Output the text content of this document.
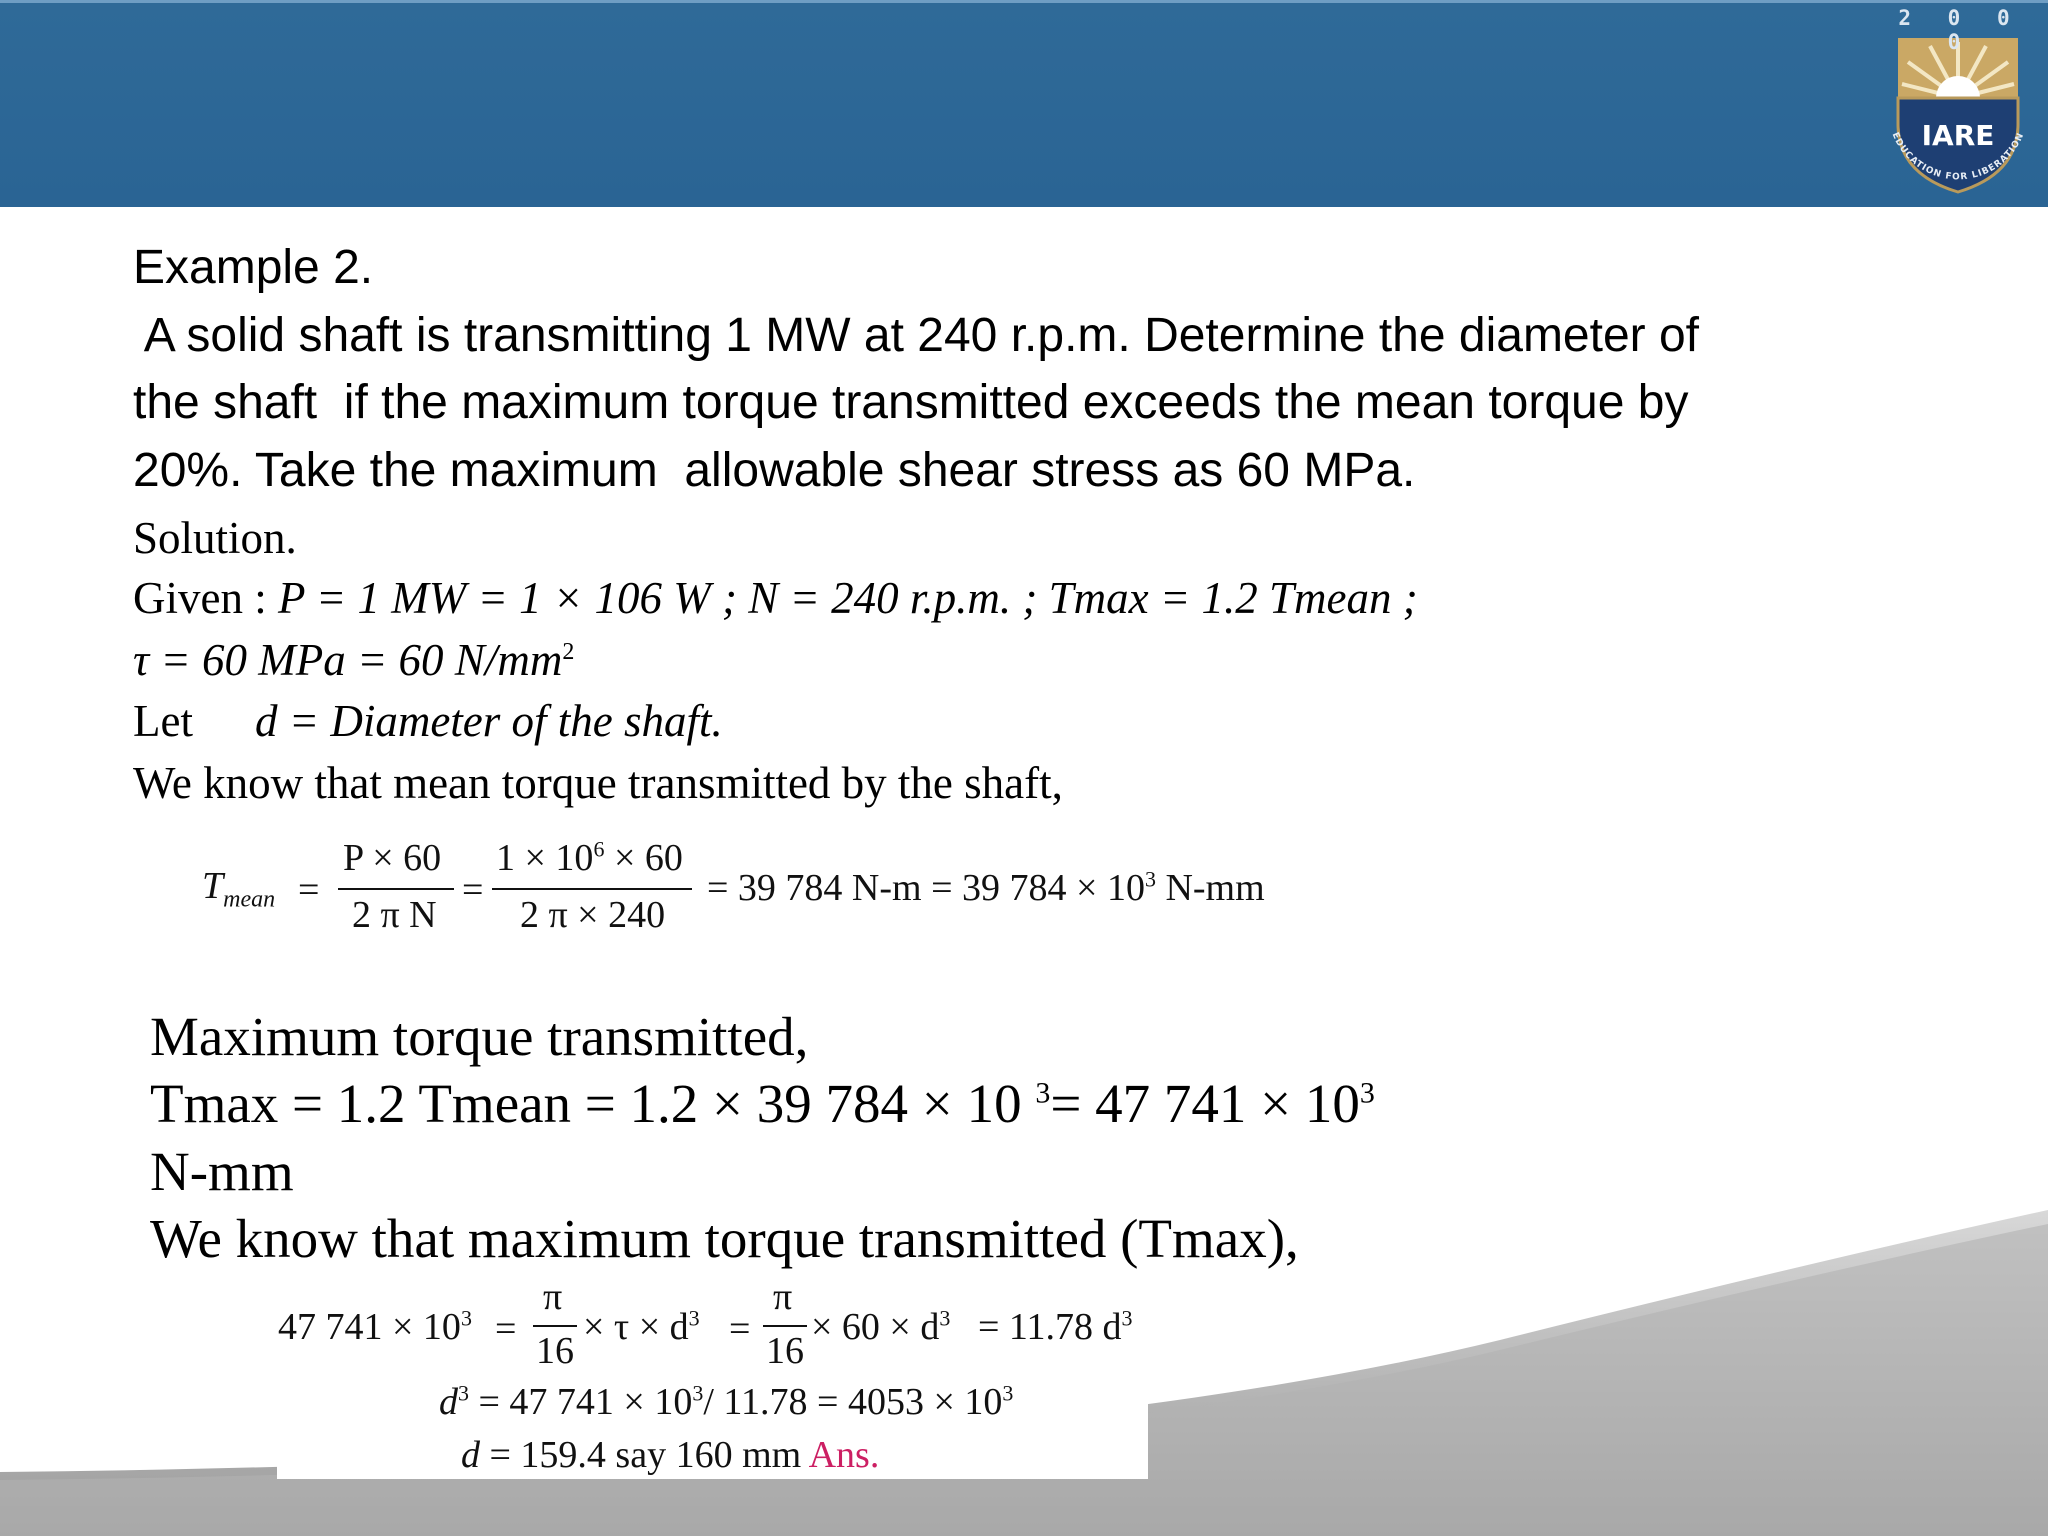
2 0 0 0
IARE
EDUCATION FOR LIBERATION
Example 2.
A solid shaft is transmitting 1 MW at 240 r.p.m. Determine the diameter of
the shaft  if the maximum torque transmitted exceeds the mean torque by
20%. Take the maximum  allowable shear stress as 60 MPa.
Solution.
Given : P = 1 MW = 1 × 106 W ; N = 240 r.p.m. ; Tmax = 1.2 Tmean ;
τ = 60 MPa = 60 $N/mm^2$
Let d = Diameter of the shaft.
We know that mean torque transmitted by the shaft,
$T_{mean}$ =
P × 60
2 π N
=
$1 \times 10^6 \times 60$
2 π × 240
= 39 784 N-m = 39 $784 \times 10^3$ N-mm
Maximum torque transmitted,
Tmax = 1.2 Tmean = 1.2 × 39 784 × 10 $^3$= 47 $741 \times 10^3$
N-mm
We know that maximum torque transmitted (Tmax),
47 $741 \times 10^3$ =
π
16
× $\tau \times d^3$ =
π
16
× $60 \times d^3 = 11.78$ $d^3$
$d^3 = 47$ $741 \times 10^3/$ $11.78 = 4053 \times 10^3$
d = 159.4 say 160 mm Ans.
